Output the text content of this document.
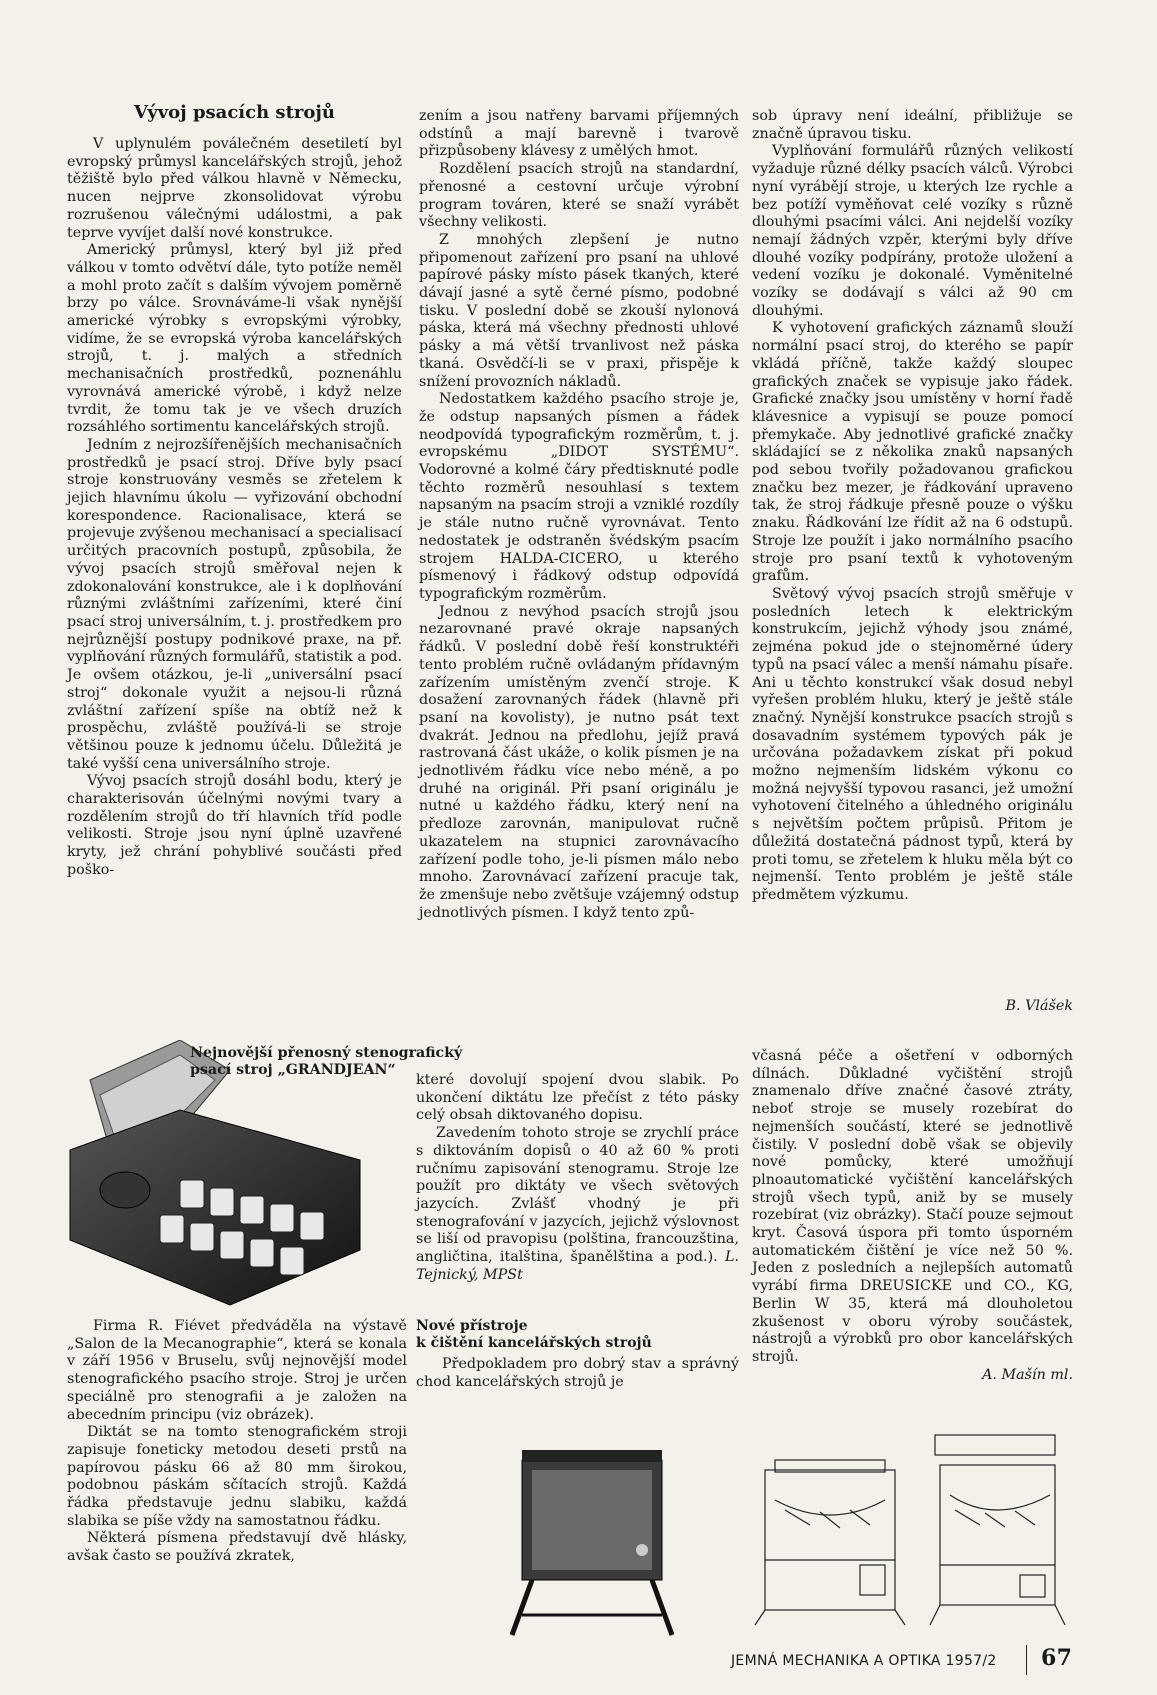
Vývoj psacích strojů

V uplynulém poválečném desetiletí byl evropský průmysl kancelářských strojů, jehož těžiště bylo před válkou hlavně v Německu, nucen nejprve zkonsolidovat výrobu rozrušenou válečnými událostmi, a pak teprve vyvíjet další nové konstrukce.

Americký průmysl, který byl již před válkou v tomto odvětví dále, tyto potíže neměl a mohl proto začít s dalším vývojem poměrně brzy po válce. Srovnáváme-li však nynější americké výrobky s evropskými výrobky, vidíme, že se evropská výroba kancelářských strojů, t. j. malých a středních mechanisačních prostředků, poznenáhlu vyrovnává americké výrobě, i když nelze tvrdit, že tomu tak je ve všech druzích rozsáhlého sortimentu kancelářských strojů.

Jedním z nejrozšířenějších mechanisačních prostředků je psací stroj. Dříve byly psací stroje konstruovány vesměs se zřetelem k jejich hlavnímu úkolu — vyřizování obchodní korespondence. Racionalisace, která se projevuje zvýšenou mechanisací a specialisací určitých pracovních postupů, způsobila, že vývoj psacích strojů směřoval nejen k zdokonalování konstrukce, ale i k doplňování různými zvláštními zařízeními, které činí psací stroj universálním, t. j. prostředkem pro nejrůznější postupy podnikové praxe, na př. vyplňování různých formulářů, statistik a pod. Je ovšem otázkou, je-li „universální psací stroj“ dokonale využit a nejsou-li různá zvláštní zařízení spíše na obtíž než k prospěchu, zvláště používá-li se stroje většinou pouze k jednomu účelu. Důležitá je také vyšší cena universálního stroje.

Vývoj psacích strojů dosáhl bodu, který je charakterisován účelnými novými tvary a rozdělením strojů do tří hlavních tříd podle velikosti. Stroje jsou nyní úplně uzavřené kryty, jež chrání pohyblivé součásti před poško-

zením a jsou natřeny barvami příjemných odstínů a mají barevně i tvarově přizpůsobeny klávesy z umělých hmot.

Rozdělení psacích strojů na standardní, přenosné a cestovní určuje výrobní program továren, které se snaží vyrábět všechny velikosti.

Z mnohých zlepšení je nutno připomenout zařízení pro psaní na uhlové papírové pásky místo pásek tkaných, které dávají jasné a sytě černé písmo, podobné tisku. V poslední době se zkouší nylonová páska, která má všechny přednosti uhlové pásky a má větší trvanlivost než páska tkaná. Osvědčí-li se v praxi, přispěje k snížení provozních nákladů.

Nedostatkem každého psacího stroje je, že odstup napsaných písmen a řádek neodpovídá typografickým rozměrům, t. j. evropskému „DIDOT SYSTÉMU“. Vodorovné a kolmé čáry předtisknuté podle těchto rozměrů nesouhlasí s textem napsaným na psacím stroji a vzniklé rozdíly je stále nutno ručně vyrovnávat. Tento nedostatek je odstraněn švédským psacím strojem HALDA-CICERO, u kterého písmenový i řádkový odstup odpovídá typografickým rozměrům.

Jednou z nevýhod psacích strojů jsou nezarovnané pravé okraje napsaných řádků. V poslední době řeší konstruktéři tento problém ručně ovládaným přídavným zařízením umístěným zvenčí stroje. K dosažení zarovnaných řádek (hlavně při psaní na kovolisty), je nutno psát text dvakrát. Jednou na předlohu, jejíž pravá rastrovaná část ukáže, o kolik písmen je na jednotlivém řádku více nebo méně, a po druhé na originál. Při psaní originálu je nutné u každého řádku, který není na předloze zarovnán, manipulovat ručně ukazatelem na stupnici zarovnávacího zařízení podle toho, je-li písmen málo nebo mnoho. Zarovnávací zařízení pracuje tak, že zmenšuje nebo zvětšuje vzájemný odstup jednotlivých písmen. I když tento způ-

sob úpravy není ideální, přibližuje se značně úpravou tisku.

Vyplňování formulářů různých velikostí vyžaduje různé délky psacích válců. Výrobci nyní vyrábějí stroje, u kterých lze rychle a bez potíží vyměňovat celé vozíky s různě dlouhými psacími válci. Ani nejdelší vozíky nemají žádných vzpěr, kterými byly dříve dlouhé vozíky podpírány, protože uložení a vedení vozíku je dokonalé. Vyměnitelné vozíky se dodávají s válci až 90 cm dlouhými.

K vyhotovení grafických záznamů slouží normální psací stroj, do kterého se papír vkládá příčně, takže každý sloupec grafických značek se vypisuje jako řádek. Grafické značky jsou umístěny v horní řadě klávesnice a vypisují se pouze pomocí přemykače. Aby jednotlivé grafické značky skládající se z několika znaků napsaných pod sebou tvořily požadovanou grafickou značku bez mezer, je řádkování upraveno tak, že stroj řádkuje přesně pouze o výšku znaku. Řádkování lze řídit až na 6 odstupů. Stroje lze použít i jako normálního psacího stroje pro psaní textů k vyhotoveným grafům.

Světový vývoj psacích strojů směřuje v posledních letech k elektrickým konstrukcím, jejichž výhody jsou známé, zejména pokud jde o stejnoměrné údery typů na psací válec a menší námahu písaře. Ani u těchto konstrukcí však dosud nebyl vyřešen problém hluku, který je ještě stále značný. Nynější konstrukce psacích strojů s dosavadním systémem typových pák je určována požadavkem získat při pokud možno nejmenším lidském výkonu co možná nejvyšší typovou rasanci, jež umožní vyhotovení čitelného a úhledného originálu s největším počtem průpisů. Přitom je důležitá dostatečná pádnost typů, která by proti tomu, se zřetelem k hluku měla být co nejmenší. Tento problém je ještě stále předmětem výzkumu.

B. Vlášek
Nejnovější přenosný stenografický
psací stroj „GRANDJEAN“

Firma R. Fiévet předváděla na výstavě „Salon de la Mecanographie“, která se konala v září 1956 v Bruselu, svůj nejnovější model stenografického psacího stroje. Stroj je určen speciálně pro stenografii a je založen na abecedním principu (viz obrázek).

Diktát se na tomto stenografickém stroji zapisuje foneticky metodou deseti prstů na papírovou pásku 66 až 80 mm širokou, podobnou páskám sčítacích strojů. Každá řádka představuje jednu slabiku, každá slabika se píše vždy na samostatnou řádku.

Některá písmena představují dvě hlásky, avšak často se používá zkratek,

které dovolují spojení dvou slabik. Po ukončení diktátu lze přečíst z této pásky celý obsah diktovaného dopisu.

Zavedením tohoto stroje se zrychlí práce s diktováním dopisů o 40 až 60 % proti ručnímu zapisování stenogramu. Stroje lze použít pro diktáty ve všech světových jazycích. Zvlášť vhodný je při stenografování v jazycích, jejichž výslovnost se liší od pravopisu (polština, francouzština, angličtina, italština, španělština a pod.). L. Tejnický, MPSt

Nové přístroje
k čištění kancelářských strojů

Předpokladem pro dobrý stav a správný chod kancelářských strojů je

včasná péče a ošetření v odborných dílnách. Důkladné vyčištění strojů znamenalo dříve značné časové ztráty, neboť stroje se musely rozebírat do nejmenších součástí, které se jednotlivě čistily. V poslední době však se objevily nové pomůcky, které umožňují plnoautomatické vyčištění kancelářských strojů všech typů, aniž by se musely rozebírat (viz obrázky). Stačí pouze sejmout kryt. Časová úspora při tomto úsporném automatickém čištění je více než 50 %. Jeden z posledních a nejlepších automatů vyrábí firma DREUSICKE und CO., KG, Berlin W 35, která má dlouholetou zkušenost v oboru výroby součástek, nástrojů a výrobků pro obor kancelářských strojů.

A. Mašín ml.

JEMNÁ MECHANIKA A OPTIKA 1957/2 67
